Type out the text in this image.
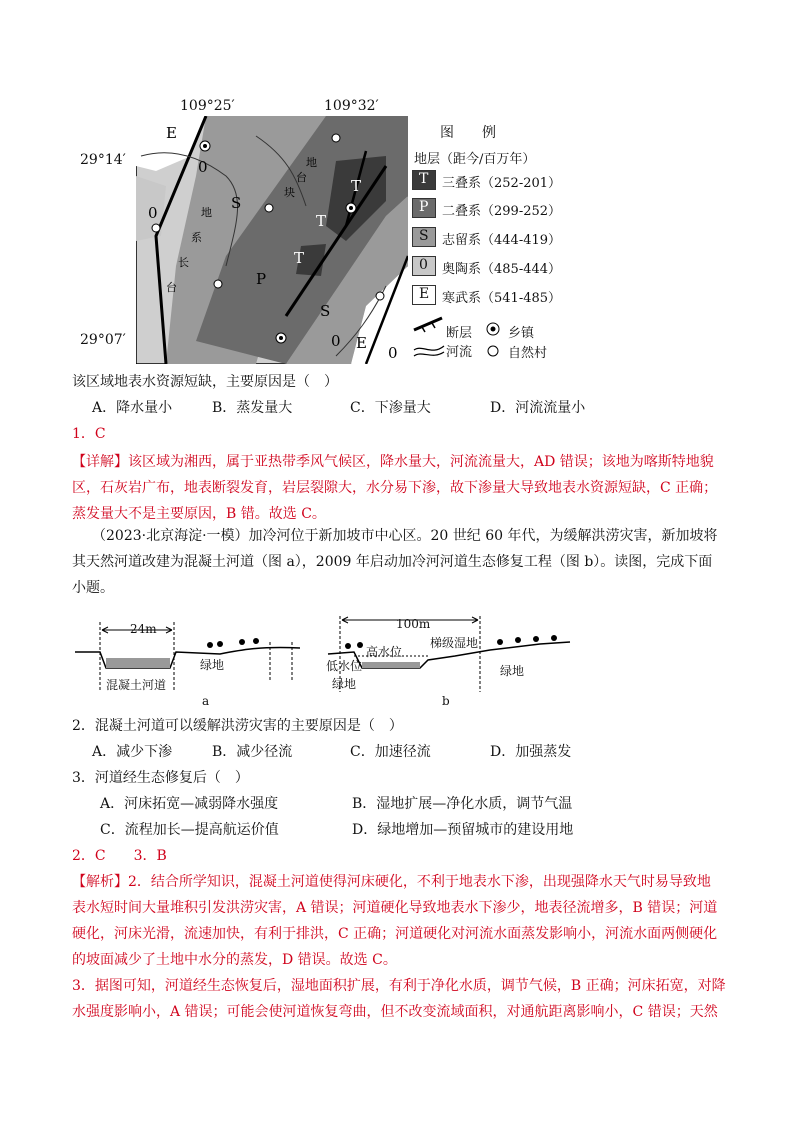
109°25′	109°32′
29°14′
29°07′
E
0
0
S
P
S
T
T
T
0 E
0
地
台
块
地
系
长
台
图　　例
地层（距今/百万年）
T 三叠系（252-201）
P 二叠系（299-252）
S 志留系（444-419）
0 奥陶系（485-444）
E 寒武系（541-485）
断层
河流
乡镇
自然村
该区域地表水资源短缺，主要原因是（　）
A．降水量小	B．蒸发量大	C．下渗量大	D．河流流量小
1．C
【详解】该区域为湘西，属于亚热带季风气候区，降水量大，河流流量大，AD 错误；该地为喀斯特地貌
区，石灰岩广布，地表断裂发育，岩层裂隙大，水分易下渗，故下渗量大导致地表水资源短缺，C 正确；
蒸发量大不是主要原因，B 错。故选 C。
（2023·北京海淀·一模）加冷河位于新加坡市中心区。20 世纪 60 年代，为缓解洪涝灾害，新加坡将
其天然河道改建为混凝土河道（图 a），2009 年启动加冷河河道生态修复工程（图 b）。读图，完成下面
小题。
24m
绿地
混凝土河道
a
100m
高水位
低水位
梯级湿地
绿地
绿地
b
2．混凝土河道可以缓解洪涝灾害的主要原因是（　）
A．减少下渗	B．减少径流	C．加速径流	D．加强蒸发
3．河道经生态修复后（　）
A．河床拓宽—减弱降水强度	B．湿地扩展—净化水质，调节气温
C．流程加长—提高航运价值	D．绿地增加—预留城市的建设用地
2．C　　3．B
【解析】2．结合所学知识，混凝土河道使得河床硬化，不利于地表水下渗，出现强降水天气时易导致地
表水短时间大量堆积引发洪涝灾害，A 错误；河道硬化导致地表水下渗少，地表径流增多，B 错误；河道
硬化，河床光滑，流速加快，有利于排洪，C 正确；河道硬化对河流水面蒸发影响小，河流水面两侧硬化
的坡面减少了土地中水分的蒸发，D 错误。故选 C。
3．据图可知，河道经生态恢复后，湿地面积扩展，有利于净化水质，调节气候，B 正确；河床拓宽，对降
水强度影响小，A 错误；可能会使河道恢复弯曲，但不改变流域面积，对通航距离影响小，C 错误；天然
